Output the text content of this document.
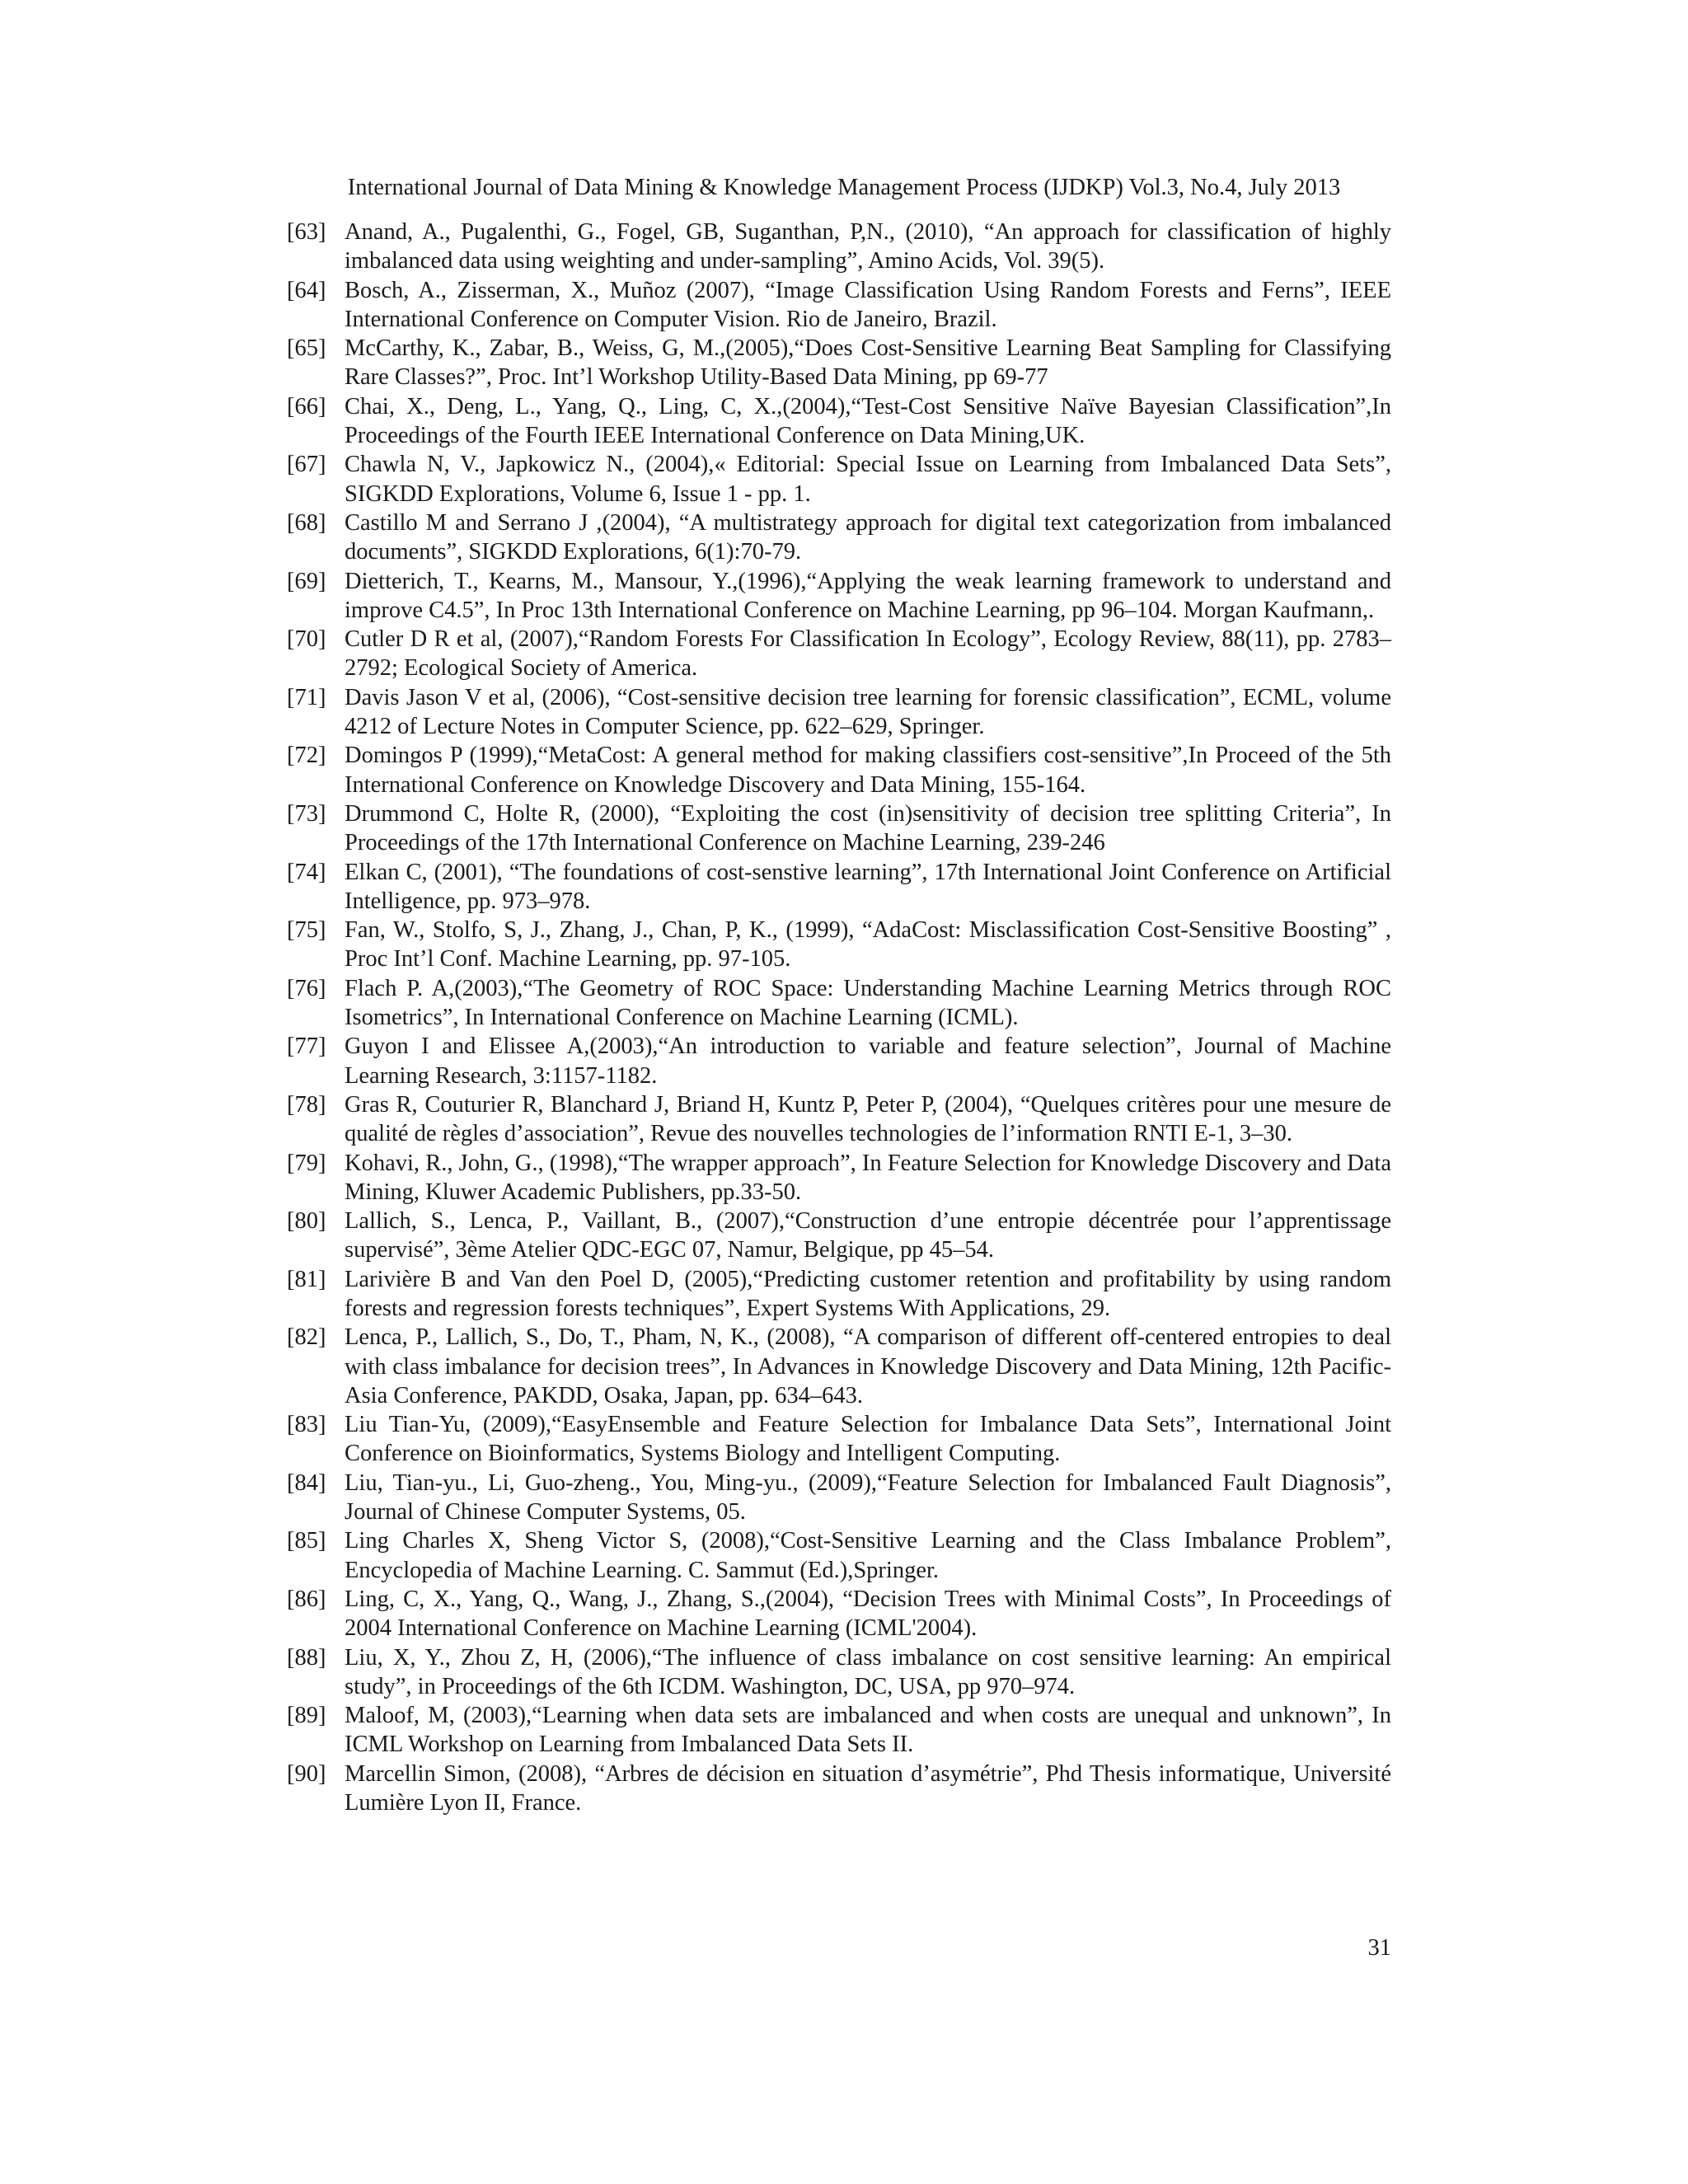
International Journal of Data Mining & Knowledge Management Process (IJDKP) Vol.3, No.4, July 2013
[63] Anand, A., Pugalenthi, G., Fogel, GB, Suganthan, P,N., (2010), “An approach for classification of highly imbalanced data using weighting and under-sampling”, Amino Acids, Vol. 39(5).
[64] Bosch, A., Zisserman, X., Muñoz (2007), “Image Classification Using Random Forests and Ferns”, IEEE International Conference on Computer Vision. Rio de Janeiro, Brazil.
[65] McCarthy, K., Zabar, B., Weiss, G, M.,(2005),“Does Cost-Sensitive Learning Beat Sampling for Classifying Rare Classes?”, Proc. Int’l Workshop Utility-Based Data Mining, pp 69-77
[66] Chai, X., Deng, L., Yang, Q., Ling, C, X.,(2004),“Test-Cost Sensitive Naïve Bayesian Classification”,In Proceedings of the Fourth IEEE International Conference on Data Mining,UK.
[67] Chawla N, V., Japkowicz N., (2004),« Editorial: Special Issue on Learning from Imbalanced Data Sets”, SIGKDD Explorations, Volume 6, Issue 1 - pp. 1.
[68] Castillo M and Serrano J ,(2004), “A multistrategy approach for digital text categorization from imbalanced documents”, SIGKDD Explorations, 6(1):70-79.
[69] Dietterich, T., Kearns, M., Mansour, Y.,(1996),“Applying the weak learning framework to understand and improve C4.5”, In Proc 13th International Conference on Machine Learning, pp 96–104. Morgan Kaufmann,.
[70] Cutler D R et al, (2007),“Random Forests For Classification In Ecology”, Ecology Review, 88(11), pp. 2783–2792; Ecological Society of America.
[71] Davis Jason V et al, (2006), “Cost-sensitive decision tree learning for forensic classification”, ECML, volume 4212 of Lecture Notes in Computer Science, pp. 622–629, Springer.
[72] Domingos P (1999),“MetaCost: A general method for making classifiers cost-sensitive”,In Proceed of the 5th International Conference on Knowledge Discovery and Data Mining, 155-164.
[73] Drummond C, Holte R, (2000), “Exploiting the cost (in)sensitivity of decision tree splitting Criteria”, In Proceedings of the 17th International Conference on Machine Learning, 239-246
[74] Elkan C, (2001), “The foundations of cost-senstive learning”, 17th International Joint Conference on Artificial Intelligence, pp. 973–978.
[75] Fan, W., Stolfo, S, J., Zhang, J., Chan, P, K., (1999), “AdaCost: Misclassification Cost-Sensitive Boosting” , Proc Int’l Conf. Machine Learning, pp. 97-105.
[76] Flach P. A,(2003),“The Geometry of ROC Space: Understanding Machine Learning Metrics through ROC Isometrics”, In International Conference on Machine Learning (ICML).
[77] Guyon I and Elissee A,(2003),“An introduction to variable and feature selection”, Journal of Machine Learning Research, 3:1157-1182.
[78] Gras R, Couturier R, Blanchard J, Briand H, Kuntz P, Peter P, (2004), “Quelques critères pour une mesure de qualité de règles d’association”, Revue des nouvelles technologies de l’information RNTI E-1, 3–30.
[79] Kohavi, R., John, G., (1998),“The wrapper approach”, In Feature Selection for Knowledge Discovery and Data Mining, Kluwer Academic Publishers, pp.33-50.
[80] Lallich, S., Lenca, P., Vaillant, B., (2007),“Construction d’une entropie décentrée pour l’apprentissage supervisé”, 3ème Atelier QDC-EGC 07, Namur, Belgique, pp 45–54.
[81] Larivière B and Van den Poel D, (2005),“Predicting customer retention and profitability by using random forests and regression forests techniques”, Expert Systems With Applications, 29.
[82] Lenca, P., Lallich, S., Do, T., Pham, N, K., (2008), “A comparison of different off-centered entropies to deal with class imbalance for decision trees”, In Advances in Knowledge Discovery and Data Mining, 12th Pacific-Asia Conference, PAKDD, Osaka, Japan, pp. 634–643.
[83] Liu Tian-Yu, (2009),“EasyEnsemble and Feature Selection for Imbalance Data Sets”, International Joint Conference on Bioinformatics, Systems Biology and Intelligent Computing.
[84] Liu, Tian-yu., Li, Guo-zheng., You, Ming-yu., (2009),“Feature Selection for Imbalanced Fault Diagnosis”, Journal of Chinese Computer Systems, 05.
[85] Ling Charles X, Sheng Victor S, (2008),“Cost-Sensitive Learning and the Class Imbalance Problem”, Encyclopedia of Machine Learning. C. Sammut (Ed.),Springer.
[86] Ling, C, X., Yang, Q., Wang, J., Zhang, S.,(2004), “Decision Trees with Minimal Costs”, In Proceedings of 2004 International Conference on Machine Learning (ICML'2004).
[88] Liu, X, Y., Zhou Z, H, (2006),“The influence of class imbalance on cost sensitive learning: An empirical study”, in Proceedings of the 6th ICDM. Washington, DC, USA, pp 970–974.
[89] Maloof, M, (2003),“Learning when data sets are imbalanced and when costs are unequal and unknown”, In ICML Workshop on Learning from Imbalanced Data Sets II.
[90] Marcellin Simon, (2008), “Arbres de décision en situation d’asymétrie”, Phd Thesis informatique, Université Lumière Lyon II, France.
31
